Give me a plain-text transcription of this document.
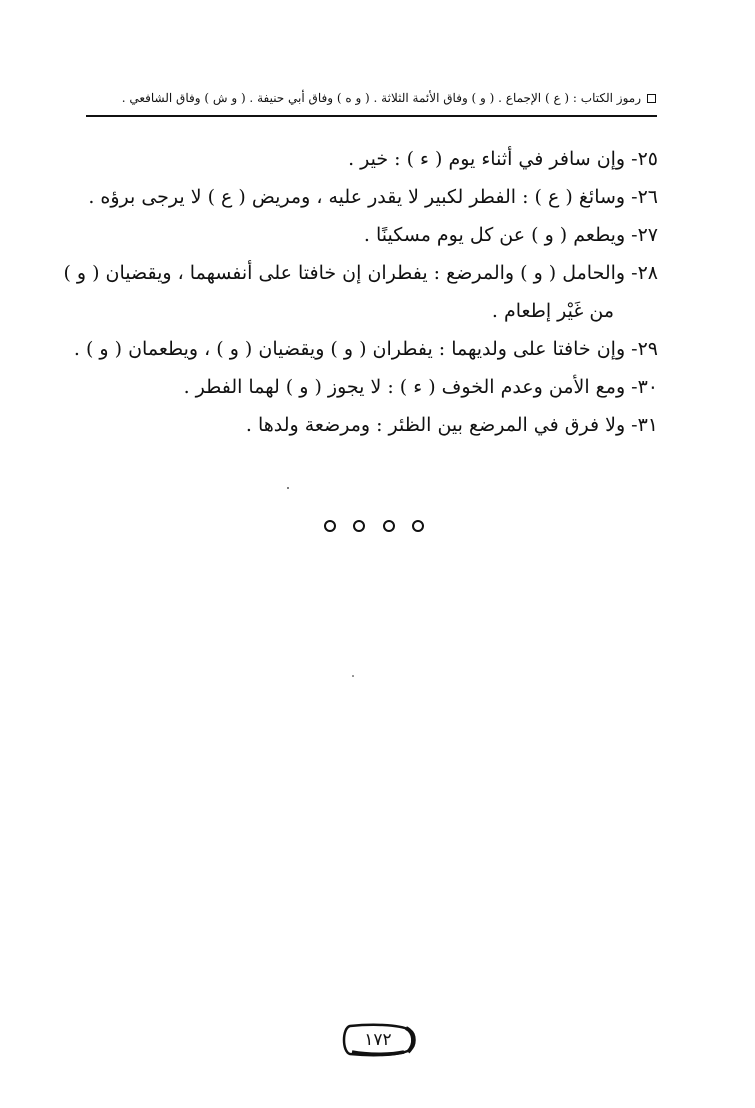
رموز الكتاب : ( ع ) الإجماع . ( و ) وفاق الأئمة الثلاثة . ( و ه ) وفاق أبي حنيفة . ( و ش ) وفاق الشافعي .
٢٥- وإن سافر في أثناء يوم ( ء ) : خير .
٢٦- وسائغ ( ع ) : الفطر لكبير لا يقدر عليه ، ومريض ( ع ) لا يرجى برؤه .
٢٧- ويطعم ( و ) عن كل يوم مسكينًا .
٢٨- والحامل ( و ) والمرضع : يفطران إن خافتا على أنفسهما ، ويقضيان ( و )
من غَيْر إطعام .
٢٩- وإن خافتا على ولديهما : يفطران ( و ) ويقضيان ( و ) ، ويطعمان ( و ) .
٣٠- ومع الأمن وعدم الخوف ( ء ) : لا يجوز ( و ) لهما الفطر .
٣١- ولا فرق في المرضع بين الظئر : ومرضعة ولدها .
١٧٢
